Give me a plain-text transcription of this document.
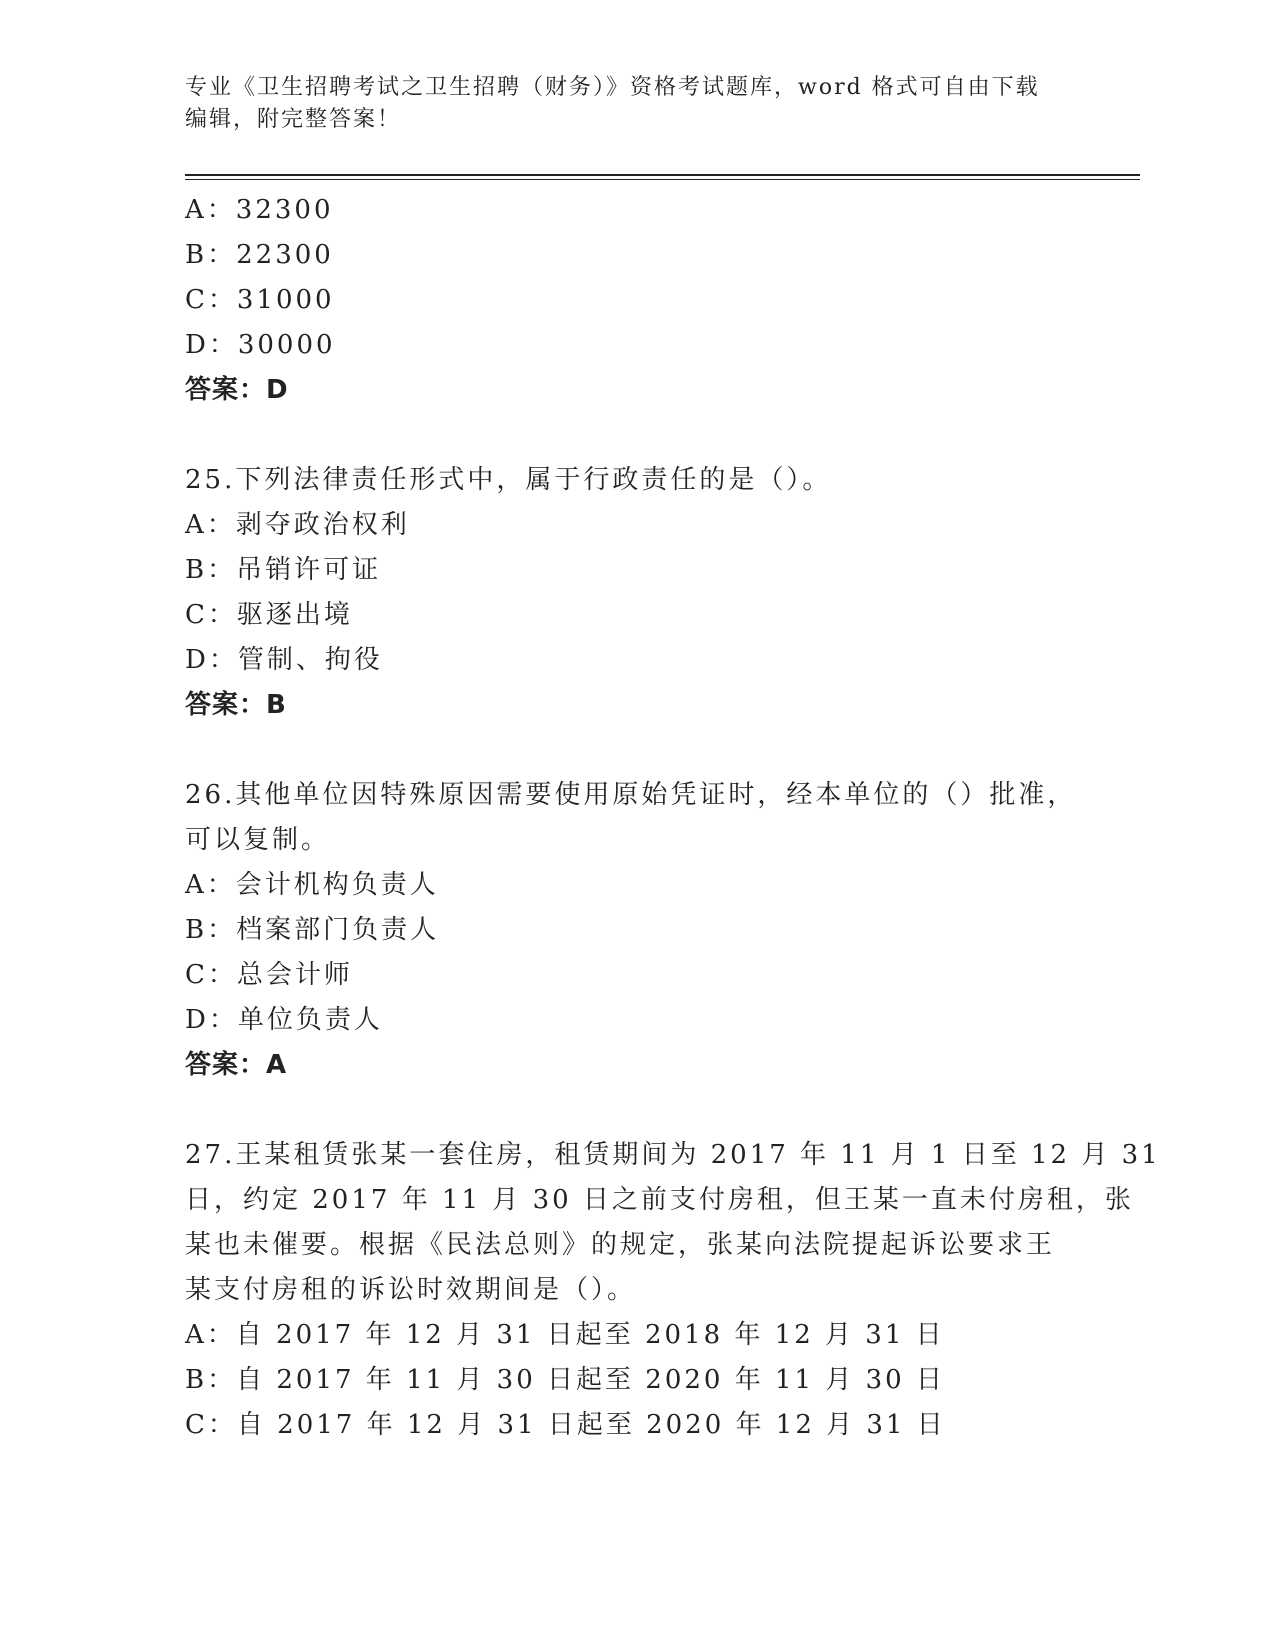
专业《卫生招聘考试之卫生招聘（财务）》资格考试题库，word 格式可自由下载
编辑，附完整答案！
A：32300
B：22300
C：31000
D：30000
答案：D
25.下列法律责任形式中，属于行政责任的是（）。
A：剥夺政治权利
B：吊销许可证
C：驱逐出境
D：管制、拘役
答案：B
26.其他单位因特殊原因需要使用原始凭证时，经本单位的（）批准，
可以复制。
A：会计机构负责人
B：档案部门负责人
C：总会计师
D：单位负责人
答案：A
27.王某租赁张某一套住房，租赁期间为 2017 年 11 月 1 日至 12 月 31
日，约定 2017 年 11 月 30 日之前支付房租，但王某一直未付房租，张
某也未催要。根据《民法总则》的规定，张某向法院提起诉讼要求王
某支付房租的诉讼时效期间是（）。
A：自 2017 年 12 月 31 日起至 2018 年 12 月 31 日
B：自 2017 年 11 月 30 日起至 2020 年 11 月 30 日
C：自 2017 年 12 月 31 日起至 2020 年 12 月 31 日
